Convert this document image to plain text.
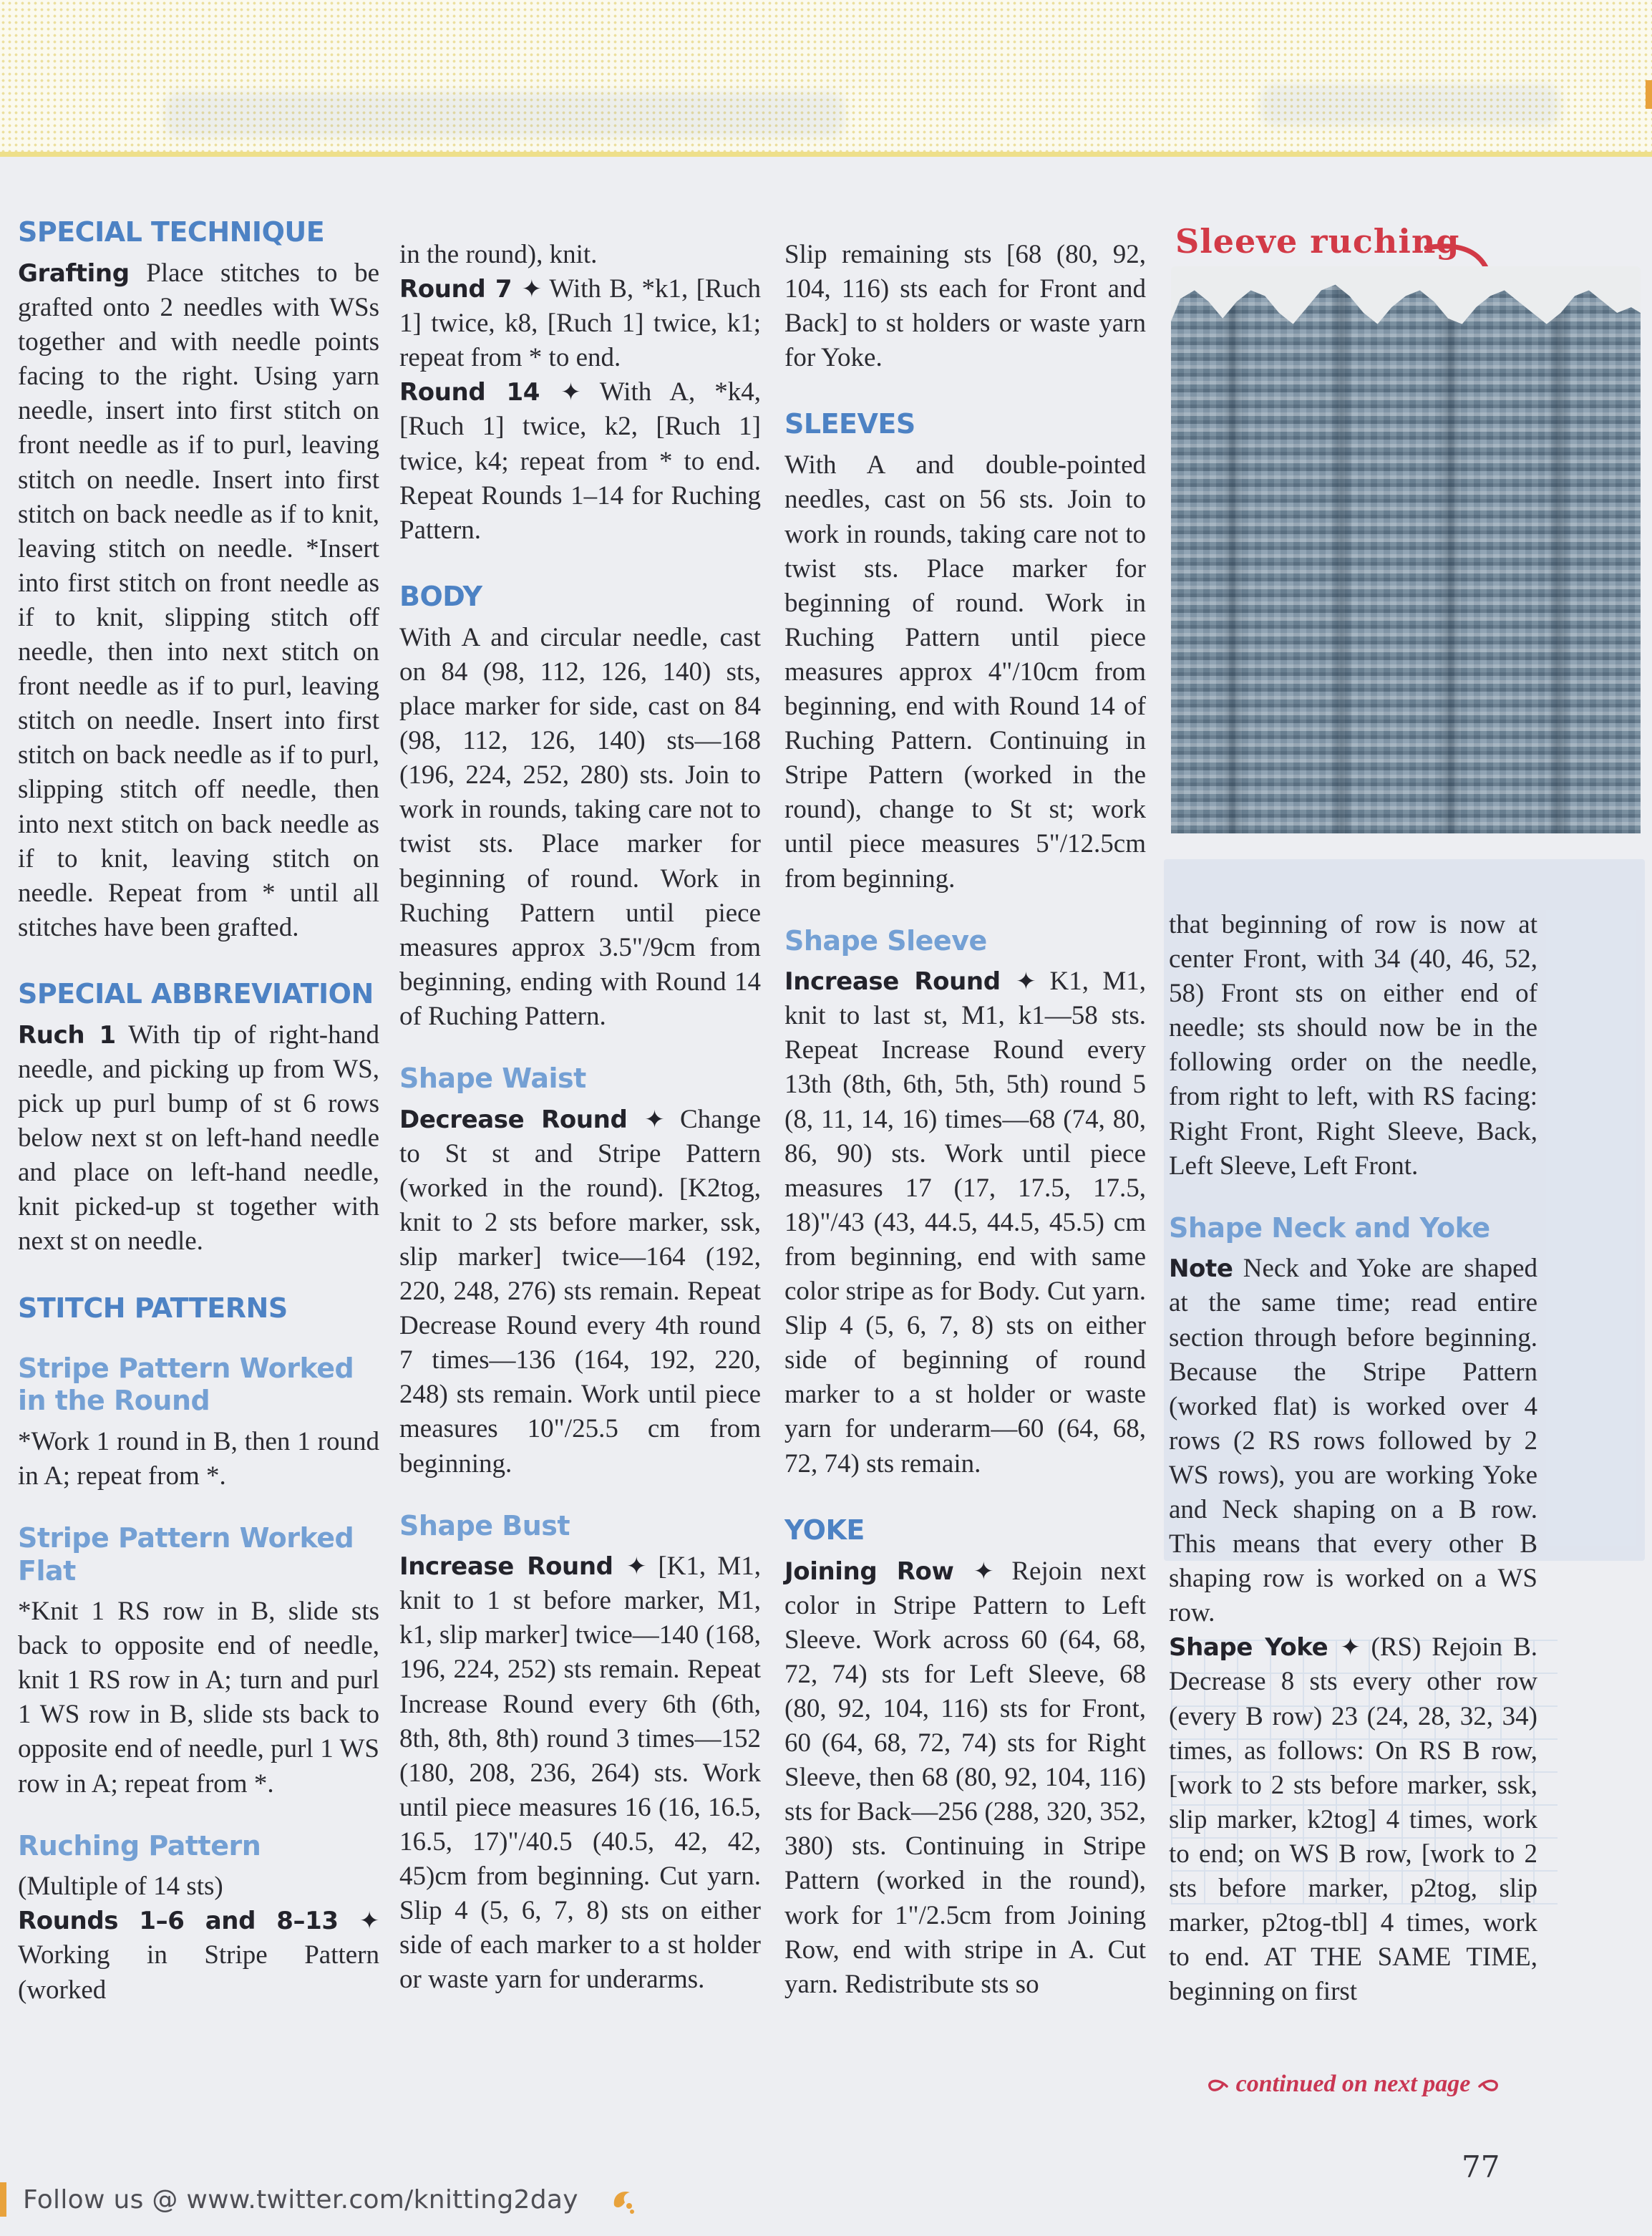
Sleeve ruching
SPECIAL TECHNIQUE

Grafting Place stitches to be grafted onto 2 needles with WSs together and with needle points facing to the right. Using yarn needle, insert into first stitch on front needle as if to purl, leaving stitch on needle. Insert into first stitch on back needle as if to knit, leaving stitch on needle. *Insert into first stitch on front needle as if to knit, slipping stitch off needle, then into next stitch on front needle as if to purl, leaving stitch on needle. Insert into first stitch on back needle as if to purl, slipping stitch off needle, then into next stitch on back needle as if to knit, leaving stitch on needle. Repeat from * until all stitches have been grafted.

SPECIAL ABBREVIATION

Ruch 1 With tip of right-hand needle, and picking up from WS, pick up purl bump of st 6 rows below next st on left-hand needle and place on left-hand needle, knit picked-up st together with next st on needle.

STITCH PATTERNS
Stripe Pattern Worked in the Round

*Work 1 round in B, then 1 round in A; repeat from *.

Stripe Pattern Worked Flat

*Knit 1 RS row in B, slide sts back to opposite end of needle, knit 1 RS row in A; turn and purl 1 WS row in B, slide sts back to opposite end of needle, purl 1 WS row in A; repeat from *.

Ruching Pattern

(Multiple of 14 sts)

Rounds 1–6 and 8–13 ✦ Working in Stripe Pattern (worked

in the round), knit.

Round 7 ✦ With B, *k1, [Ruch 1] twice, k8, [Ruch 1] twice, k1; repeat from * to end.

Round 14 ✦ With A, *k4, [Ruch 1] twice, k2, [Ruch 1] twice, k4; repeat from * to end. Repeat Rounds 1–14 for Ruching Pattern.

BODY

With A and circular needle, cast on 84 (98, 112, 126, 140) sts, place marker for side, cast on 84 (98, 112, 126, 140) sts—168 (196, 224, 252, 280) sts. Join to work in rounds, taking care not to twist sts. Place marker for beginning of round. Work in Ruching Pattern until piece measures approx 3.5"/9cm from beginning, ending with Round 14 of Ruching Pattern.

Shape Waist

Decrease Round ✦ Change to St st and Stripe Pattern (worked in the round). [K2tog, knit to 2 sts before marker, ssk, slip marker] twice—164 (192, 220, 248, 276) sts remain. Repeat Decrease Round every 4th round 7 times—136 (164, 192, 220, 248) sts remain. Work until piece measures 10"/25.5 cm from beginning.

Shape Bust

Increase Round ✦ [K1, M1, knit to 1 st before marker, M1, k1, slip marker] twice—140 (168, 196, 224, 252) sts remain. Repeat Increase Round every 6th (6th, 8th, 8th, 8th) round 3 times—152 (180, 208, 236, 264) sts. Work until piece measures 16 (16, 16.5, 16.5, 17)"/40.5 (40.5, 42, 42, 45)cm from beginning. Cut yarn. Slip 4 (5, 6, 7, 8) sts on either side of each marker to a st holder or waste yarn for underarms.

Slip remaining sts [68 (80, 92, 104, 116) sts each for Front and Back] to st holders or waste yarn for Yoke.

SLEEVES

With A and double-pointed needles, cast on 56 sts. Join to work in rounds, taking care not to twist sts. Place marker for beginning of round. Work in Ruching Pattern until piece measures approx 4"/10cm from beginning, end with Round 14 of Ruching Pattern. Continuing in Stripe Pattern (worked in the round), change to St st; work until piece measures 5"/12.5cm from beginning.

Shape Sleeve

Increase Round ✦ K1, M1, knit to last st, M1, k1—58 sts. Repeat Increase Round every 13th (8th, 6th, 5th, 5th) round 5 (8, 11, 14, 16) times—68 (74, 80, 86, 90) sts. Work until piece measures 17 (17, 17.5, 17.5, 18)"/43 (43, 44.5, 44.5, 45.5) cm from beginning, end with same color stripe as for Body. Cut yarn. Slip 4 (5, 6, 7, 8) sts on either side of beginning of round marker to a st holder or waste yarn for underarm—60 (64, 68, 72, 74) sts remain.

YOKE

Joining Row ✦ Rejoin next color in Stripe Pattern to Left Sleeve. Work across 60 (64, 68, 72, 74) sts for Left Sleeve, 68 (80, 92, 104, 116) sts for Front, 60 (64, 68, 72, 74) sts for Right Sleeve, then 68 (80, 92, 104, 116) sts for Back—256 (288, 320, 352, 380) sts. Continuing in Stripe Pattern (worked in the round), work for 1"/2.5cm from Joining Row, end with stripe in A. Cut yarn. Redistribute sts so

that beginning of row is now at center Front, with 34 (40, 46, 52, 58) Front sts on either end of needle; sts should now be in the following order on the needle, from right to left, with RS facing: Right Front, Right Sleeve, Back, Left Sleeve, Left Front.

Shape Neck and Yoke

Note Neck and Yoke are shaped at the same time; read entire section through before beginning. Because the Stripe Pattern (worked flat) is worked over 4 rows (2 RS rows followed by 2 WS rows), you are working Yoke and Neck shaping on a B row. This means that every other B shaping row is worked on a WS row.

Shape Yoke ✦ (RS) Rejoin B. Decrease 8 sts every other row (every B row) 23 (24, 28, 32, 34) times, as follows: On RS B row, [work to 2 sts before marker, ssk, slip marker, k2tog] 4 times, work to end; on WS B row, [work to 2 sts before marker, p2tog, slip marker, p2tog-tbl] 4 times, work to end. AT THE SAME TIME, beginning on first

continued on next page
Follow us @ www.twitter.com/knitting2day
77
